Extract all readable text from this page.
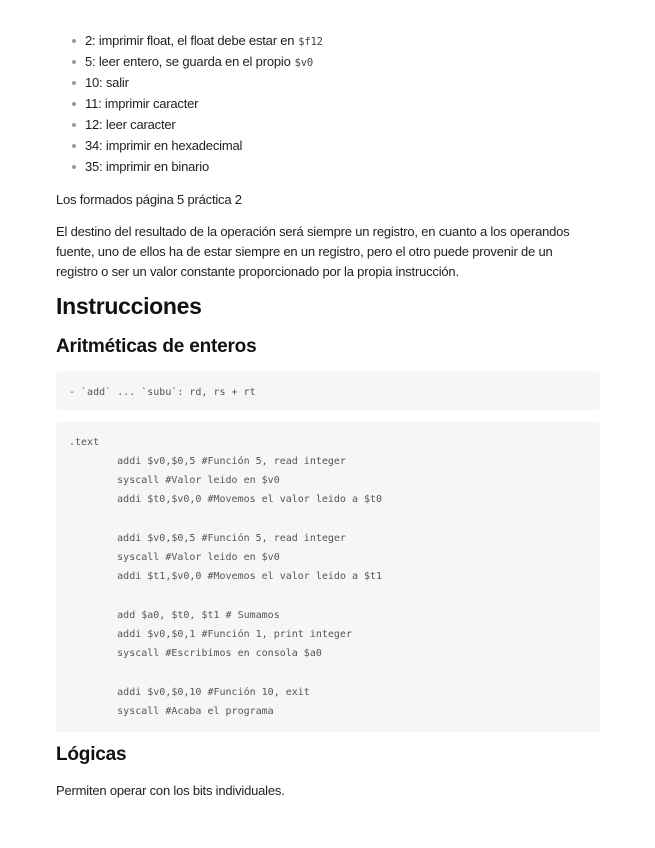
2: imprimir float, el float debe estar en $f12
5: leer entero, se guarda en el propio $v0
10: salir
11: imprimir caracter
12: leer caracter
34: imprimir en hexadecimal
35: imprimir en binario

Los formados página 5 práctica 2

El destino del resultado de la operación será siempre un registro, en cuanto a los operandos fuente, uno de ellos ha de estar siempre en un registro, pero el otro puede provenir de un registro o ser un valor constante proporcionado por la propia instrucción.

Instrucciones
Aritméticas de enteros
- `add` ... `subu`: rd, rs + rt
.text
addi $v0,$0,5 #Función 5, read integer
syscall #Valor leido en $v0
addi $t0,$v0,0 #Movemos el valor leido a $t0
addi $v0,$0,5 #Función 5, read integer
syscall #Valor leido en $v0
addi $t1,$v0,0 #Movemos el valor leido a $t1
add $a0, $t0, $t1 # Sumamos
addi $v0,$0,1 #Función 1, print integer
syscall #Escribimos en consola $a0
addi $v0,$0,10 #Función 10, exit
syscall #Acaba el programa
Lógicas

Permiten operar con los bits individuales.
